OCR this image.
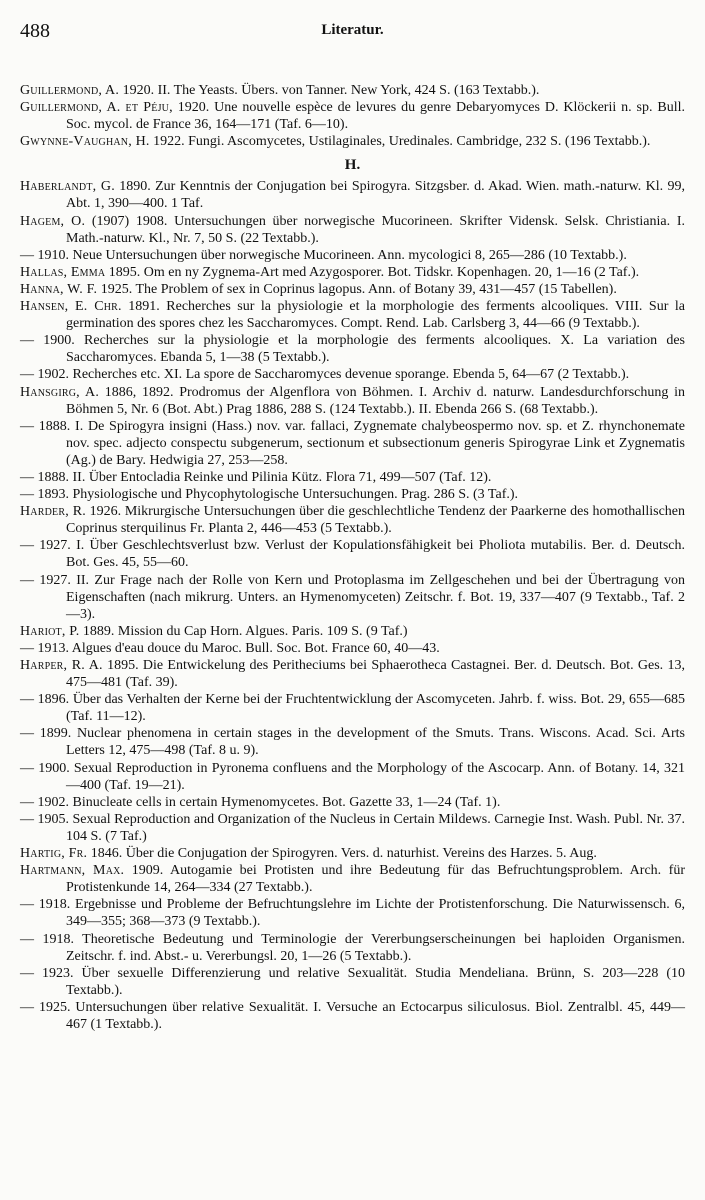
488	Literatur.

Guillermond, A. 1920. II. The Yeasts. Übers. von Tanner. New York, 424 S. (163 Textabb.).

Guillermond, A. et Péju, 1920. Une nouvelle espèce de levures du genre Debaryomyces D. Klöckerii n. sp. Bull. Soc. mycol. de France 36, 164—171 (Taf. 6—10).

Gwynne-Vaughan, H. 1922. Fungi. Ascomycetes, Ustilaginales, Uredinales. Cambridge, 232 S. (196 Textabb.).

H.

Haberlandt, G. 1890. Zur Kenntnis der Conjugation bei Spirogyra. Sitzgsber. d. Akad. Wien. math.-naturw. Kl. 99, Abt. 1, 390—400. 1 Taf.

Hagem, O. (1907) 1908. Untersuchungen über norwegische Mucorineen. Skrifter Vidensk. Selsk. Christiania. I. Math.-naturw. Kl., Nr. 7, 50 S. (22 Textabb.).

— 1910. Neue Untersuchungen über norwegische Mucorineen. Ann. mycologici 8, 265—286 (10 Textabb.).

Hallas, Emma 1895. Om en ny Zygnema-Art med Azygosporer. Bot. Tidskr. Kopenhagen. 20, 1—16 (2 Taf.).

Hanna, W. F. 1925. The Problem of sex in Coprinus lagopus. Ann. of Botany 39, 431—457 (15 Tabellen).

Hansen, E. Chr. 1891. Recherches sur la physiologie et la morphologie des ferments alcooliques. VIII. Sur la germination des spores chez les Saccharomyces. Compt. Rend. Lab. Carlsberg 3, 44—66 (9 Textabb.).

— 1900. Recherches sur la physiologie et la morphologie des ferments alcooliques. X. La variation des Saccharomyces. Ebanda 5, 1—38 (5 Textabb.).

— 1902. Recherches etc. XI. La spore de Saccharomyces devenue sporange. Ebenda 5, 64—67 (2 Textabb.).

Hansgirg, A. 1886, 1892. Prodromus der Algenflora von Böhmen. I. Archiv d. naturw. Landesdurchforschung in Böhmen 5, Nr. 6 (Bot. Abt.) Prag 1886, 288 S. (124 Textabb.). II. Ebenda 266 S. (68 Textabb.).

— 1888. I. De Spirogyra insigni (Hass.) nov. var. fallaci, Zygnemate chalybeospermo nov. sp. et Z. rhynchonemate nov. spec. adjecto conspectu subgenerum, sectionum et subsectionum generis Spirogyrae Link et Zygnematis (Ag.) de Bary. Hedwigia 27, 253—258.

— 1888. II. Über Entocladia Reinke und Pilinia Kütz. Flora 71, 499—507 (Taf. 12).

— 1893. Physiologische und Phycophytologische Untersuchungen. Prag. 286 S. (3 Taf.).

Harder, R. 1926. Mikrurgische Untersuchungen über die geschlechtliche Tendenz der Paarkerne des homothallischen Coprinus sterquilinus Fr. Planta 2, 446—453 (5 Textabb.).

— 1927. I. Über Geschlechtsverlust bzw. Verlust der Kopulationsfähigkeit bei Pholiota mutabilis. Ber. d. Deutsch. Bot. Ges. 45, 55—60.

— 1927. II. Zur Frage nach der Rolle von Kern und Protoplasma im Zellgeschehen und bei der Übertragung von Eigenschaften (nach mikrurg. Unters. an Hymenomyceten) Zeitschr. f. Bot. 19, 337—407 (9 Textabb., Taf. 2—3).

Hariot, P. 1889. Mission du Cap Horn. Algues. Paris. 109 S. (9 Taf.)

— 1913. Algues d'eau douce du Maroc. Bull. Soc. Bot. France 60, 40—43.

Harper, R. A. 1895. Die Entwickelung des Peritheciums bei Sphaerotheca Castagnei. Ber. d. Deutsch. Bot. Ges. 13, 475—481 (Taf. 39).

— 1896. Über das Verhalten der Kerne bei der Fruchtentwicklung der Ascomyceten. Jahrb. f. wiss. Bot. 29, 655—685 (Taf. 11—12).

— 1899. Nuclear phenomena in certain stages in the development of the Smuts. Trans. Wiscons. Acad. Sci. Arts Letters 12, 475—498 (Taf. 8 u. 9).

— 1900. Sexual Reproduction in Pyronema confluens and the Morphology of the Ascocarp. Ann. of Botany. 14, 321—400 (Taf. 19—21).

— 1902. Binucleate cells in certain Hymenomycetes. Bot. Gazette 33, 1—24 (Taf. 1).

— 1905. Sexual Reproduction and Organization of the Nucleus in Certain Mildews. Carnegie Inst. Wash. Publ. Nr. 37. 104 S. (7 Taf.)

Hartig, Fr. 1846. Über die Conjugation der Spirogyren. Vers. d. naturhist. Vereins des Harzes. 5. Aug.

Hartmann, Max. 1909. Autogamie bei Protisten und ihre Bedeutung für das Befruchtungsproblem. Arch. für Protistenkunde 14, 264—334 (27 Textabb.).

— 1918. Ergebnisse und Probleme der Befruchtungslehre im Lichte der Protistenforschung. Die Naturwissensch. 6, 349—355; 368—373 (9 Textabb.).

— 1918. Theoretische Bedeutung und Terminologie der Vererbungserscheinungen bei haploiden Organismen. Zeitschr. f. ind. Abst.- u. Vererbungsl. 20, 1—26 (5 Textabb.).

— 1923. Über sexuelle Differenzierung und relative Sexualität. Studia Mendeliana. Brünn, S. 203—228 (10 Textabb.).

— 1925. Untersuchungen über relative Sexualität. I. Versuche an Ectocarpus siliculosus. Biol. Zentralbl. 45, 449—467 (1 Textabb.).
